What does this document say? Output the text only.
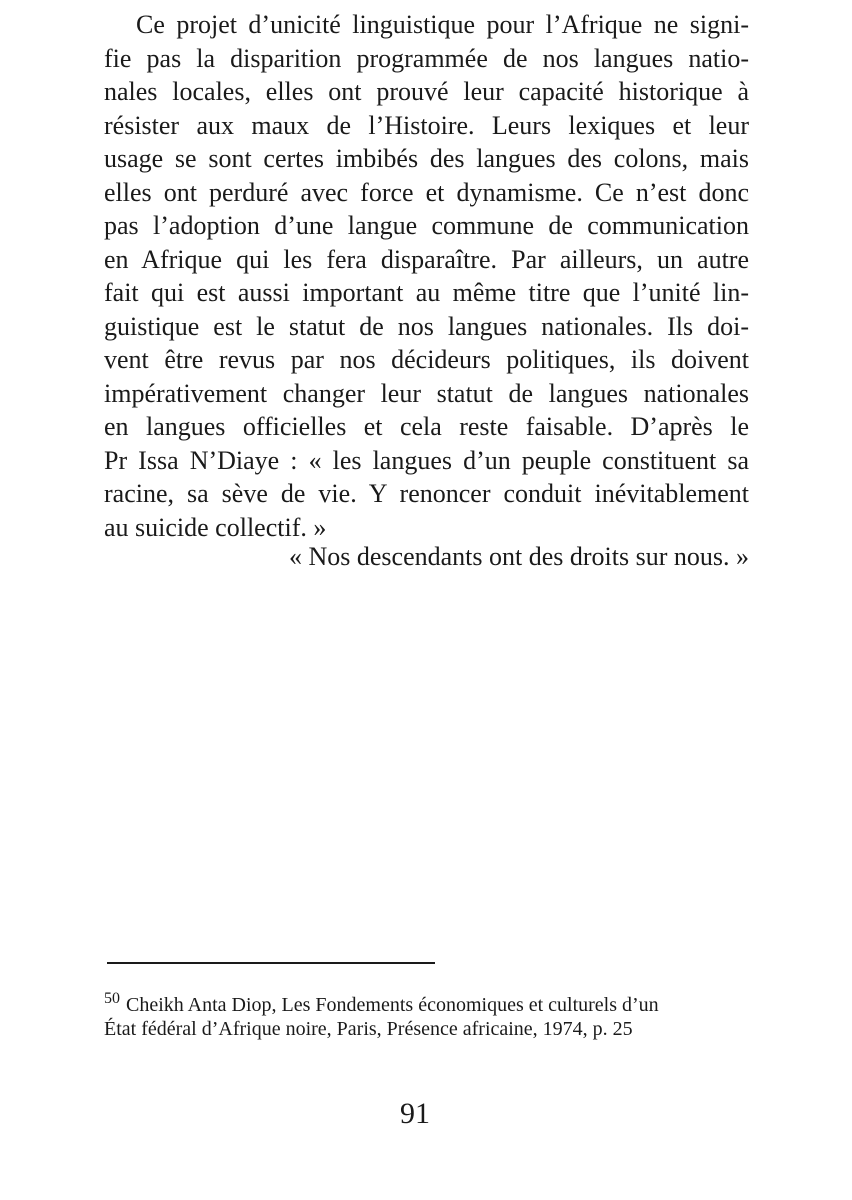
Ce projet d’unicité linguistique pour l’Afrique ne signi-
fie pas la disparition programmée de nos langues natio-
nales locales, elles ont prouvé leur capacité historique à
résister aux maux de l’Histoire. Leurs lexiques et leur
usage se sont certes imbibés des langues des colons, mais
elles ont perduré avec force et dynamisme. Ce n’est donc
pas l’adoption d’une langue commune de communication
en Afrique qui les fera disparaître. Par ailleurs, un autre
fait qui est aussi important au même titre que l’unité lin-
guistique est le statut de nos langues nationales. Ils doi-
vent être revus par nos décideurs politiques, ils doivent
impérativement changer leur statut de langues nationales
en langues officielles et cela reste faisable. D’après le
Pr Issa N’Diaye : « les langues d’un peuple constituent sa
racine, sa sève de vie. Y renoncer conduit inévitablement
au suicide collectif. »

« Nos descendants ont des droits sur nous. »

$^{50}$ Cheikh Anta Diop, Les Fondements économiques et culturels d’un
État fédéral d’Afrique noire, Paris, Présence africaine, 1974, p. 25
91
